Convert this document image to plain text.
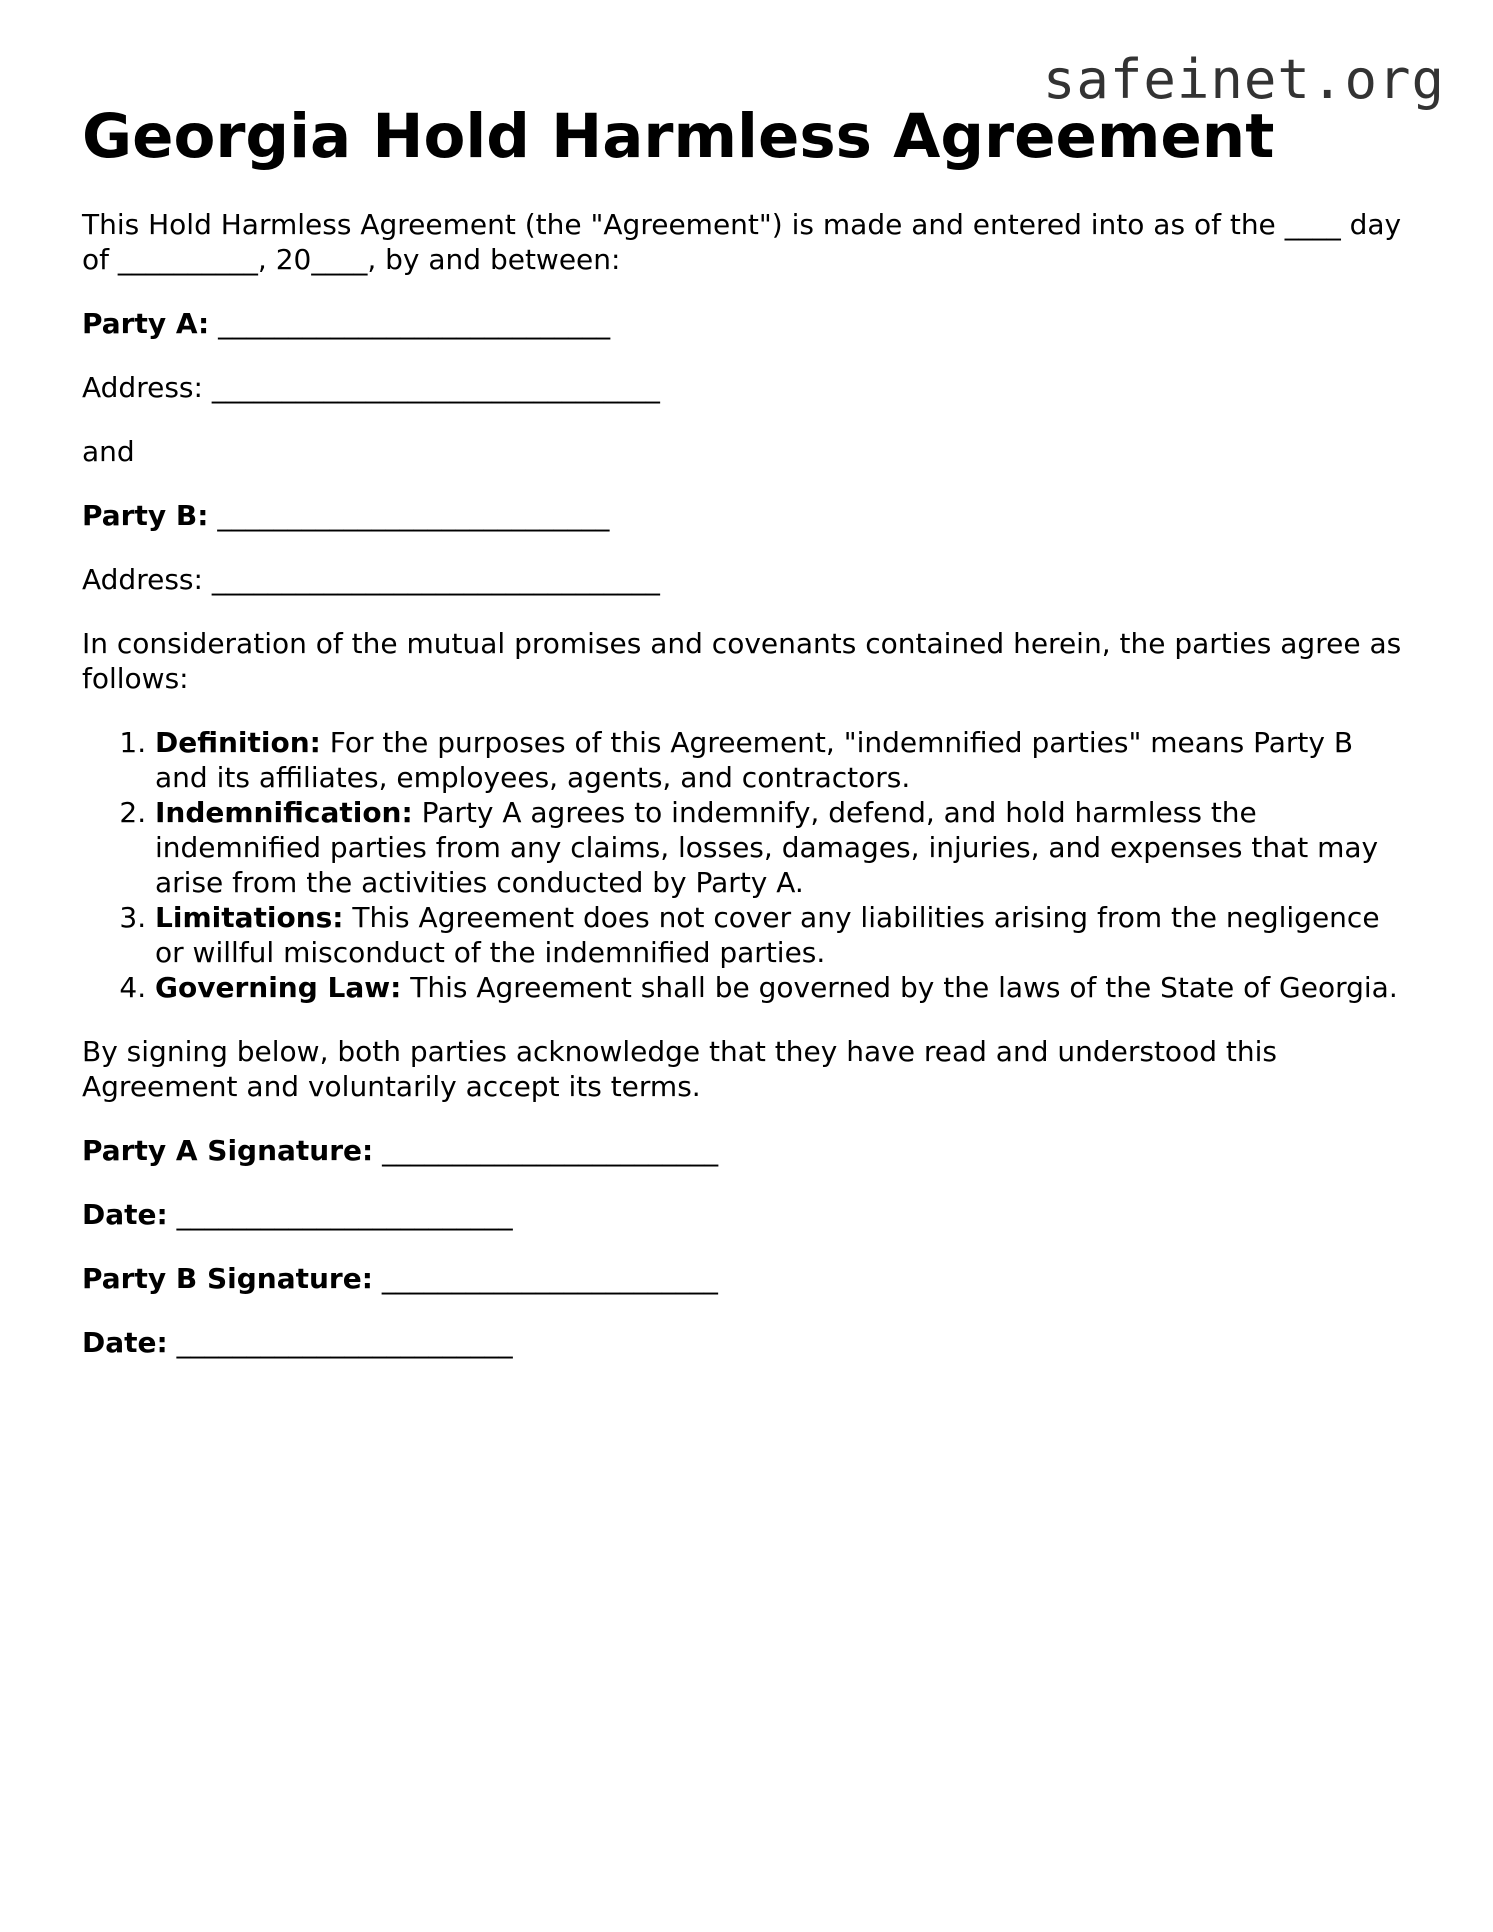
safeinet.org
Georgia Hold Harmless Agreement

This Hold Harmless Agreement (the "Agreement") is made and entered into as of the ____ day of __________, 20____, by and between:

Party A: ____________________________

Address: ________________________________

and

Party B: ____________________________

Address: ________________________________

In consideration of the mutual promises and covenants contained herein, the parties agree as follows:

1. Definition: For the purposes of this Agreement, "indemnified parties" means Party B and its affiliates, employees, agents, and contractors.
2. Indemnification: Party A agrees to indemnify, defend, and hold harmless the indemnified parties from any claims, losses, damages, injuries, and expenses that may arise from the activities conducted by Party A.
3. Limitations: This Agreement does not cover any liabilities arising from the negligence or willful misconduct of the indemnified parties.
4. Governing Law: This Agreement shall be governed by the laws of the State of Georgia.

By signing below, both parties acknowledge that they have read and understood this Agreement and voluntarily accept its terms.

Party A Signature: ________________________

Date: ________________________

Party B Signature: ________________________

Date: ________________________
